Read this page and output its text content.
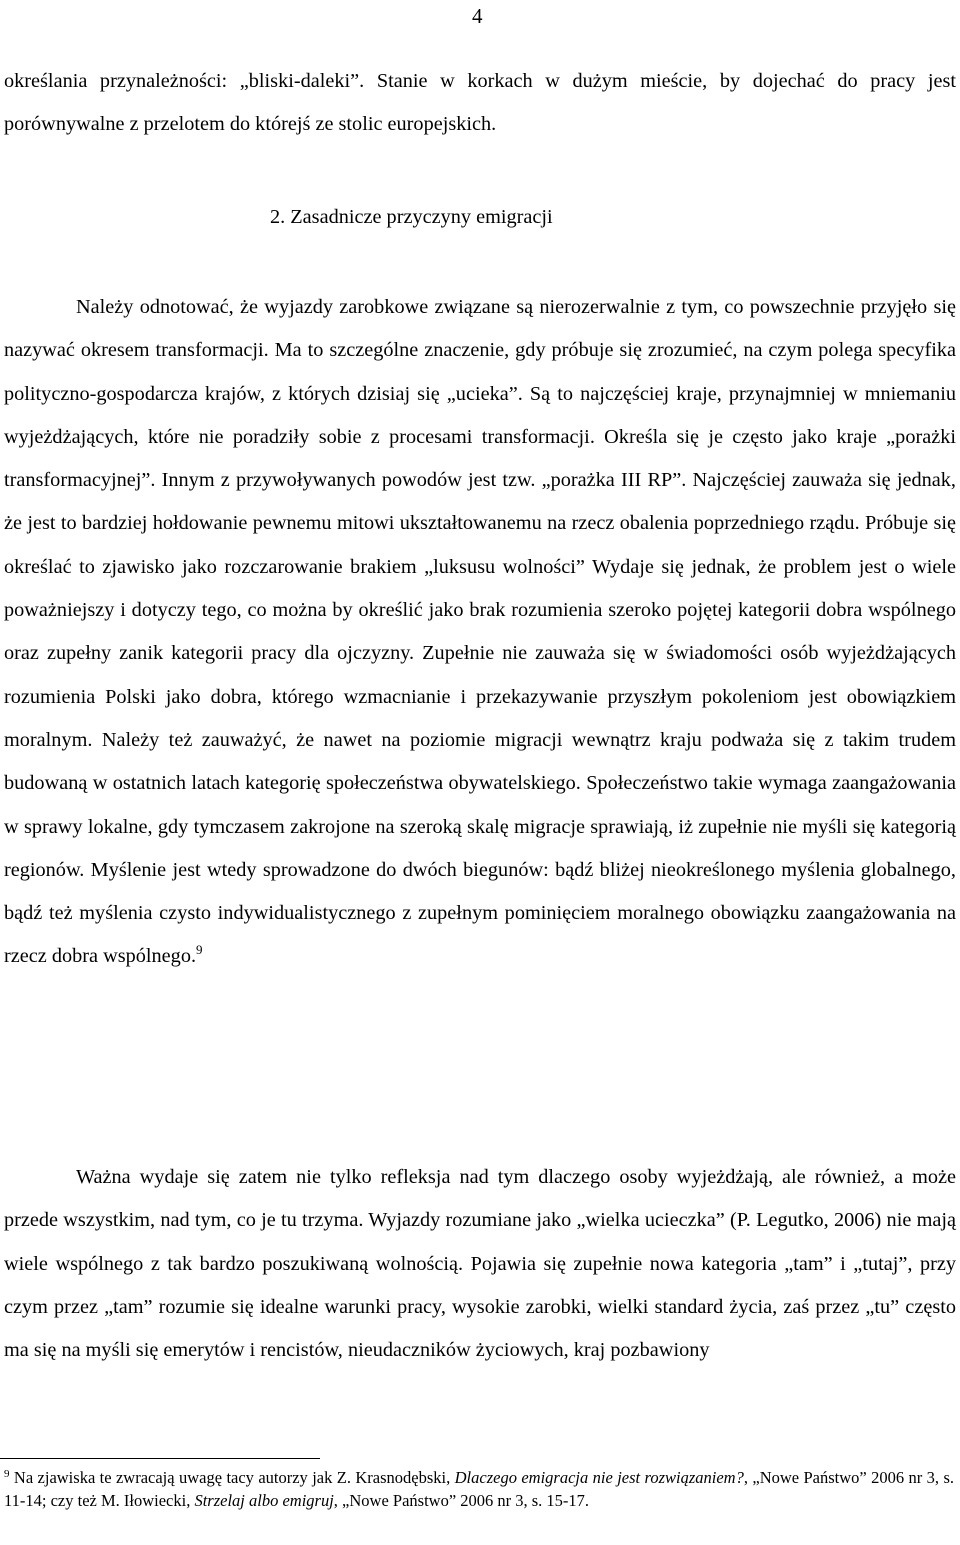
4
określania przynależności: „bliski-daleki”. Stanie w korkach w dużym mieście, by dojechać do pracy jest porównywalne z przelotem do którejś ze stolic europejskich.
2. Zasadnicze przyczyny emigracji
Należy odnotować, że wyjazdy zarobkowe związane są nierozerwalnie z tym, co powszechnie przyjęło się nazywać okresem transformacji. Ma to szczególne znaczenie, gdy próbuje się zrozumieć, na czym polega specyfika polityczno-gospodarcza krajów, z których dzisiaj się „ucieka”. Są to najczęściej kraje, przynajmniej w mniemaniu wyjeżdżających, które nie poradziły sobie z procesami transformacji. Określa się je często jako kraje „porażki transformacyjnej”. Innym z przywoływanych powodów jest tzw. „porażka III RP”. Najczęściej zauważa się jednak, że jest to bardziej hołdowanie pewnemu mitowi ukształtowanemu na rzecz obalenia poprzedniego rządu. Próbuje się określać to zjawisko jako rozczarowanie brakiem „luksusu wolności” Wydaje się jednak, że problem jest o wiele poważniejszy i dotyczy tego, co można by określić jako brak rozumienia szeroko pojętej kategorii dobra wspólnego oraz zupełny zanik kategorii pracy dla ojczyzny. Zupełnie nie zauważa się w świadomości osób wyjeżdżających rozumienia Polski jako dobra, którego wzmacnianie i przekazywanie przyszłym pokoleniom jest obowiązkiem moralnym. Należy też zauważyć, że nawet na poziomie migracji wewnątrz kraju podważa się z takim trudem budowaną w ostatnich latach kategorię społeczeństwa obywatelskiego. Społeczeństwo takie wymaga zaangażowania w sprawy lokalne, gdy tymczasem zakrojone na szeroką skalę migracje sprawiają, iż zupełnie nie myśli się kategorią regionów. Myślenie jest wtedy sprowadzone do dwóch biegunów: bądź bliżej nieokreślonego myślenia globalnego, bądź też myślenia czysto indywidualistycznego z zupełnym pominięciem moralnego obowiązku zaangażowania na rzecz dobra wspólnego.$^9$
Ważna wydaje się zatem nie tylko refleksja nad tym dlaczego osoby wyjeżdżają, ale również, a może przede wszystkim, nad tym, co je tu trzyma. Wyjazdy rozumiane jako „wielka ucieczka” (P. Legutko, 2006) nie mają wiele wspólnego z tak bardzo poszukiwaną wolnością. Pojawia się zupełnie nowa kategoria „tam” i „tutaj”, przy czym przez „tam” rozumie się idealne warunki pracy, wysokie zarobki, wielki standard życia, zaś przez „tu” często ma się na myśli się emerytów i rencistów, nieudaczników życiowych, kraj pozbawiony
$^9$ Na zjawiska te zwracają uwagę tacy autorzy jak Z. Krasnodębski, Dlaczego emigracja nie jest rozwiązaniem?, „Nowe Państwo” 2006 nr 3, s. 11-14; czy też M. Iłowiecki, Strzelaj albo emigruj, „Nowe Państwo” 2006 nr 3, s. 15-17.
